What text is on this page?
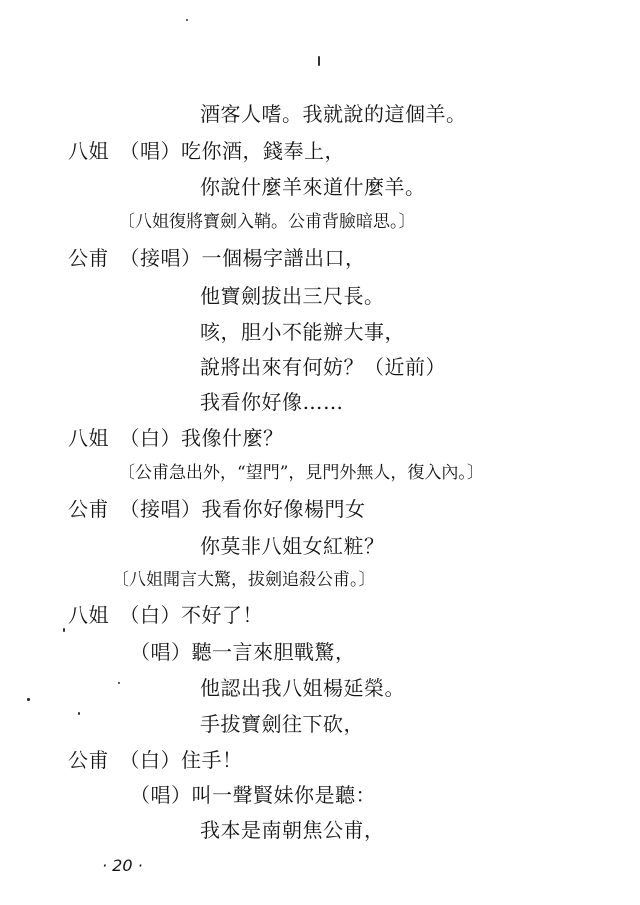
酒客人嗜。我就說的這個羊。
八姐　（唱）吃你酒，錢奉上，
你說什麼羊來道什麼羊。
〔八姐復將寶劍入鞘。公甫背臉暗思。〕
公甫　（接唱）一個楊字譜出口，
他寶劍拔出三尺長。
咳，胆小不能辦大事，
說將出來有何妨？（近前）
我看你好像……
八姐　（白）我像什麼？
〔公甫急出外，“望門”，見門外無人，復入內。〕
公甫　（接唱）我看你好像楊門女
你莫非八姐女紅粧？
〔八姐聞言大驚，拔劍追殺公甫。〕
八姐　（白）不好了！
（唱）聽一言來胆戰驚，
他認出我八姐楊延榮。
手拔寶劍往下砍，
公甫　（白）住手！
（唱）叫一聲賢妹你是聽：
我本是南朝焦公甫，
· 20 ·
